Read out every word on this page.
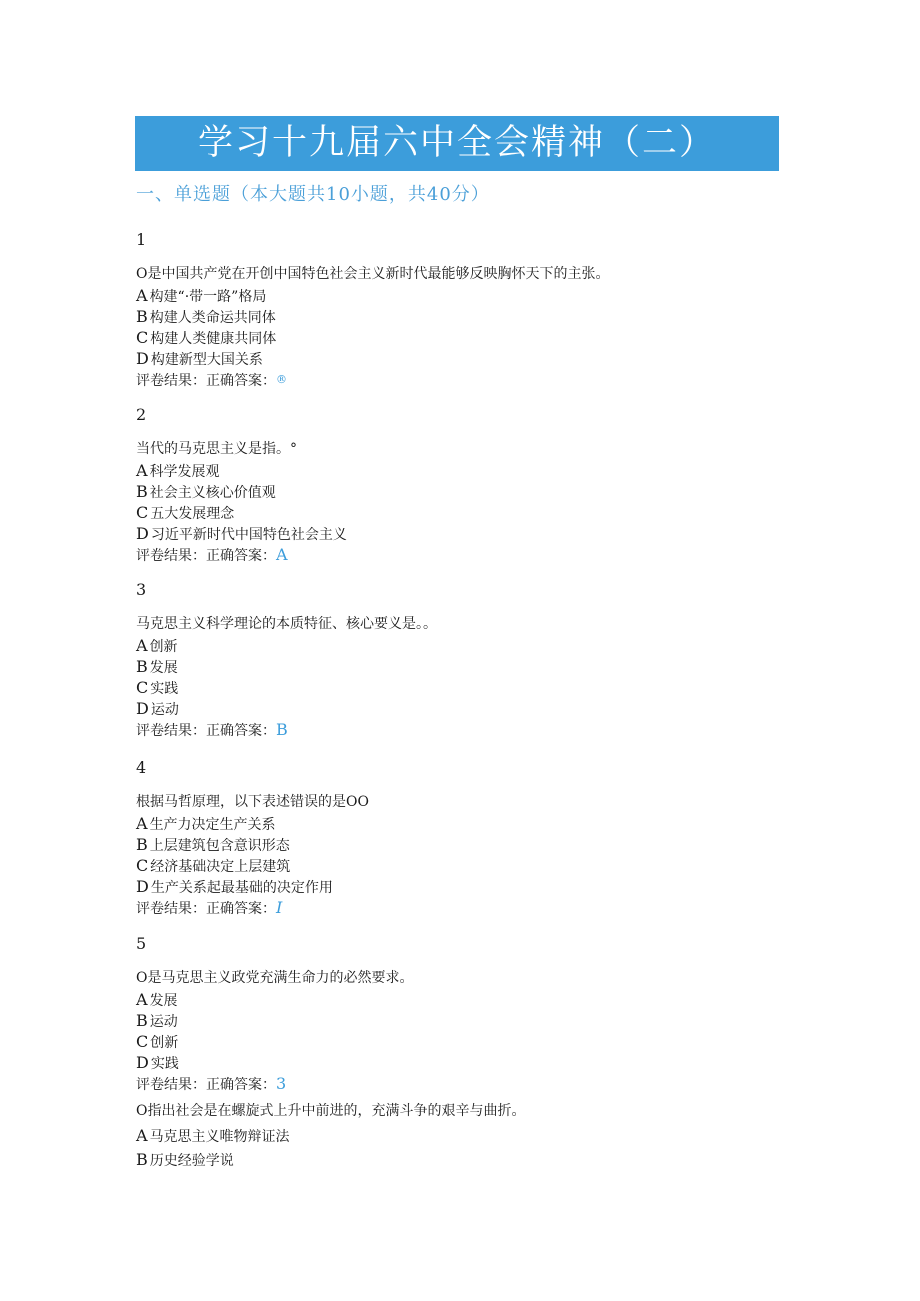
学习十九届六中全会精神（二）
一、单选题（本大题共10小题，共40分）
1
O是中国共产党在开创中国特色社会主义新时代最能够反映胸怀天下的主张。
A 构建“·带一路”格局
B 构建人类命运共同体
C 构建人类健康共同体
D 构建新型大国关系
评卷结果：正确答案：®
2
当代的马克思主义是指。°
A 科学发展观
B 社会主义核心价值观
C 五大发展理念
D 习近平新时代中国特色社会主义
评卷结果：正确答案：A
3
马克思主义科学理论的本质特征、核心要义是。。
A 创新
B 发展
C 实践
D 运动
评卷结果：正确答案：B
4
根据马哲原理，以下表述错误的是OO
A 生产力决定生产关系
B 上层建筑包含意识形态
C 经济基础决定上层建筑
D 生产关系起最基础的决定作用
评卷结果：正确答案：I
5
O是马克思主义政党充满生命力的必然要求。
A 发展
B 运动
C 创新
D 实践
评卷结果：正确答案：3
O指出社会是在螺旋式上升中前进的，充满斗争的艰辛与曲折。
A 马克思主义唯物辩证法
B 历史经验学说
